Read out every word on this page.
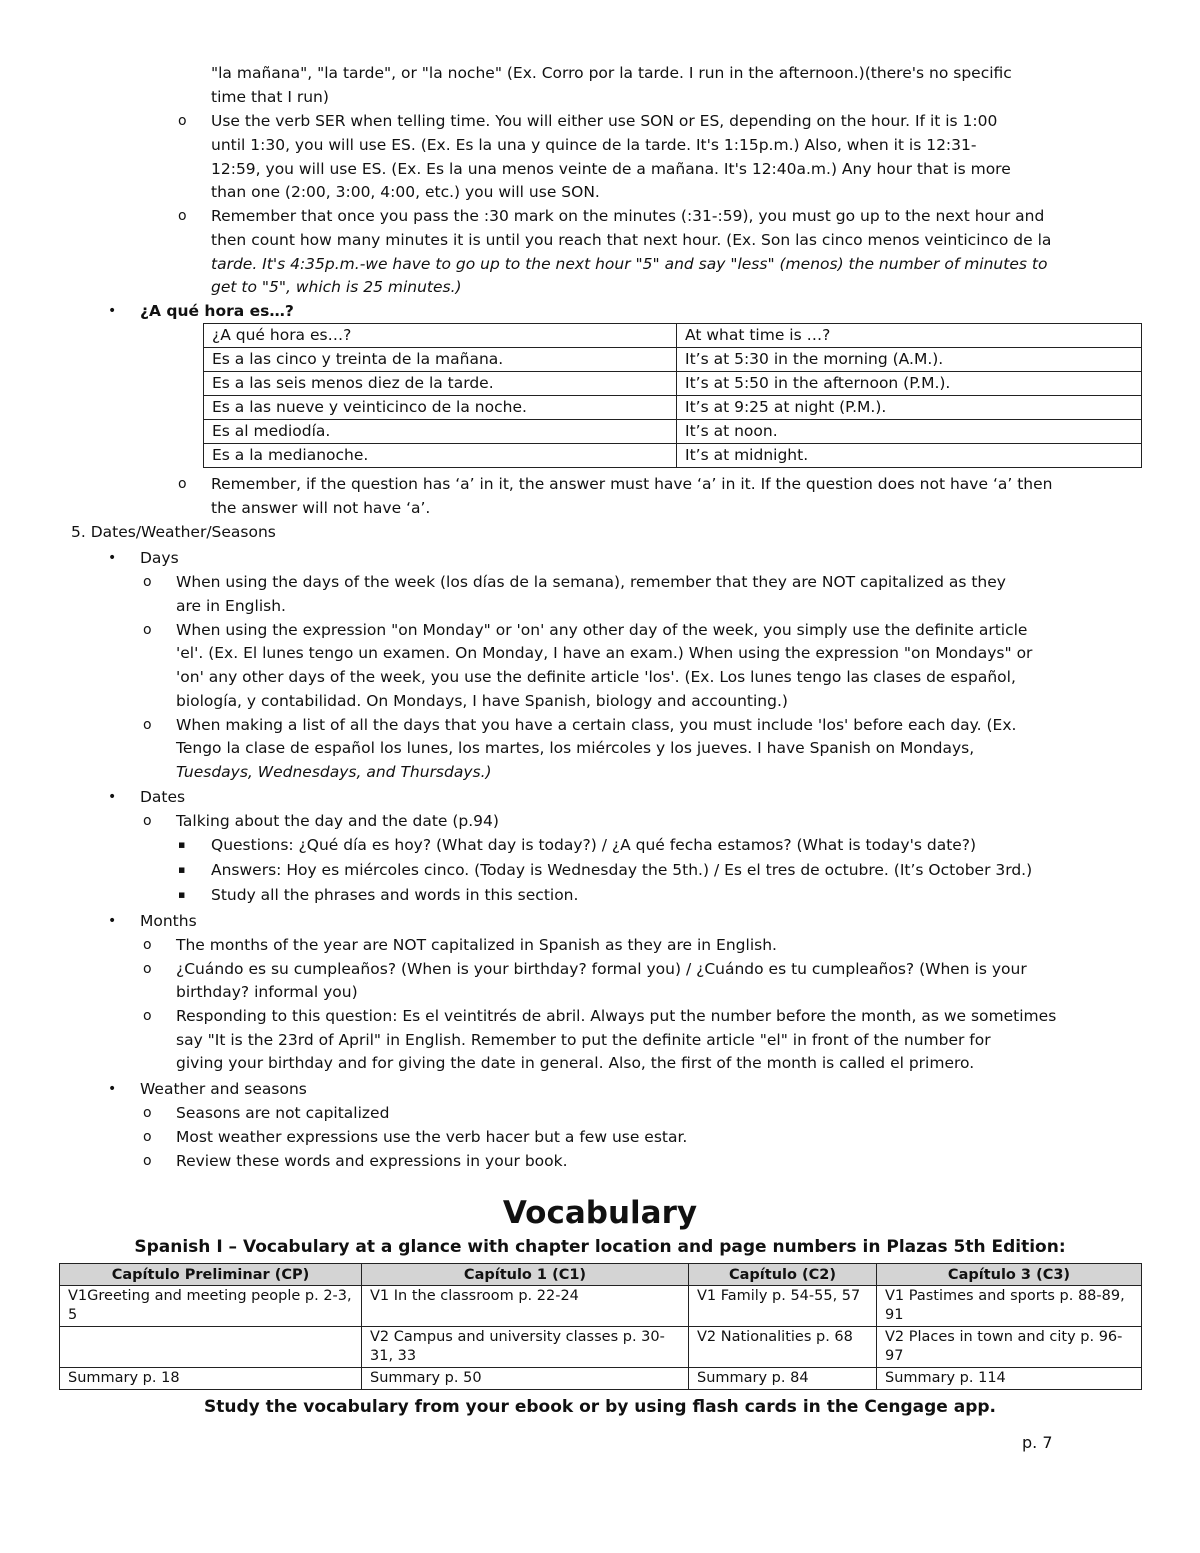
"la mañana", "la tarde", or "la noche" (Ex. Corro por la tarde. I run in the afternoon.)(there's no specific
time that I run)
o Use the verb SER when telling time. You will either use SON or ES, depending on the hour. If it is 1:00
until 1:30, you will use ES. (Ex. Es la una y quince de la tarde. It's 1:15p.m.) Also, when it is 12:31-
12:59, you will use ES. (Ex. Es la una menos veinte de a mañana. It's 12:40a.m.) Any hour that is more
than one (2:00, 3:00, 4:00, etc.) you will use SON.
o Remember that once you pass the :30 mark on the minutes (:31-:59), you must go up to the next hour and
then count how many minutes it is until you reach that next hour. (Ex. Son las cinco menos veinticinco de la
tarde. It's 4:35p.m.-we have to go up to the next hour "5" and say "less" (menos) the number of minutes to
get to "5", which is 25 minutes.)
• ¿A qué hora es…?
¿A qué hora es…?	At what time is …?
Es a las cinco y treinta de la mañana.	It’s at 5:30 in the morning (A.M.).
Es a las seis menos diez de la tarde.	It’s at 5:50 in the afternoon (P.M.).
Es a las nueve y veinticinco de la noche.	It’s at 9:25 at night (P.M.).
Es al mediodía.	It’s at noon.
Es a la medianoche.	It’s at midnight.
o Remember, if the question has ‘a’ in it, the answer must have ‘a’ in it. If the question does not have ‘a’ then
the answer will not have ‘a’.
5. Dates/Weather/Seasons
• Days
o When using the days of the week (los días de la semana), remember that they are NOT capitalized as they
are in English.
o When using the expression "on Monday" or 'on' any other day of the week, you simply use the definite article
'el'. (Ex. El lunes tengo un examen. On Monday, I have an exam.) When using the expression "on Mondays" or
'on' any other days of the week, you use the definite article 'los'. (Ex. Los lunes tengo las clases de español,
biología, y contabilidad. On Mondays, I have Spanish, biology and accounting.)
o When making a list of all the days that you have a certain class, you must include 'los' before each day. (Ex.
Tengo la clase de español los lunes, los martes, los miércoles y los jueves. I have Spanish on Mondays,
Tuesdays, Wednesdays, and Thursdays.)
• Dates
o Talking about the day and the date (p.94)
▪ Questions: ¿Qué día es hoy? (What day is today?) / ¿A qué fecha estamos? (What is today's date?)
▪ Answers: Hoy es miércoles cinco. (Today is Wednesday the 5th.) / Es el tres de octubre. (It’s October 3rd.)
▪ Study all the phrases and words in this section.
• Months
o The months of the year are NOT capitalized in Spanish as they are in English.
o ¿Cuándo es su cumpleaños? (When is your birthday? formal you) / ¿Cuándo es tu cumpleaños? (When is your
birthday? informal you)
o Responding to this question: Es el veintitrés de abril. Always put the number before the month, as we sometimes
say "It is the 23rd of April" in English. Remember to put the definite article "el" in front of the number for
giving your birthday and for giving the date in general. Also, the first of the month is called el primero.
• Weather and seasons
o Seasons are not capitalized
o Most weather expressions use the verb hacer but a few use estar.
o Review these words and expressions in your book.
Vocabulary
Spanish I – Vocabulary at a glance with chapter location and page numbers in Plazas 5th Edition:
Capítulo Preliminar (CP)	Capítulo 1 (C1)	Capítulo (C2)	Capítulo 3 (C3)
V1Greeting and meeting people p. 2-3, 5	V1 In the classroom p. 22-24	V1 Family p. 54-55, 57	V1 Pastimes and sports p. 88-89, 91
	V2 Campus and university classes p. 30-31, 33	V2 Nationalities p. 68	V2 Places in town and city p. 96-97
Summary p. 18	Summary p. 50	Summary p. 84	Summary p. 114
Study the vocabulary from your ebook or by using flash cards in the Cengage app.
p. 7
